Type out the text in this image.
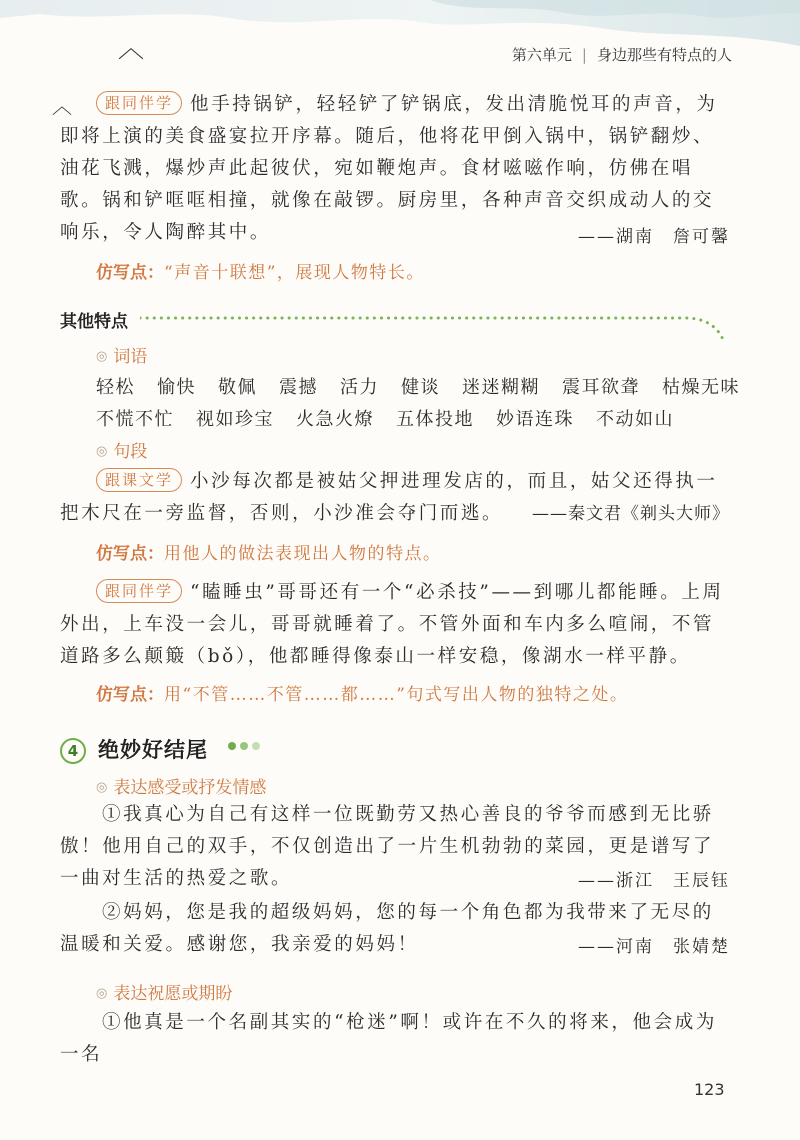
︿
︿
第六单元 | 身边那些有特点的人

跟同伴学 他手持锅铲，轻轻铲了铲锅底，发出清脆悦耳的声音，为即将上演的美食盛宴拉开序幕。随后，他将花甲倒入锅中，锅铲翻炒、油花飞溅，爆炒声此起彼伏，宛如鞭炮声。食材嗞嗞作响，仿佛在唱歌。锅和铲哐哐相撞，就像在敲锣。厨房里，各种声音交织成动人的交响乐，令人陶醉其中。	——湖南　詹可馨
仿写点：“声音十联想”，展现人物特长。
其他特点
◎ 词语
轻松 愉快 敬佩 震撼 活力 健谈 迷迷糊糊 震耳欲聋 枯燥无味
不慌不忙 视如珍宝 火急火燎 五体投地 妙语连珠 不动如山
◎ 句段

跟课文学 小沙每次都是被姑父押进理发店的，而且，姑父还得执一把木尺在一旁监督，否则，小沙准会夺门而逃。 ——秦文君《剃头大师》

仿写点：用他人的做法表现出人物的特点。

跟同伴学 “瞌睡虫”哥哥还有一个“必杀技”——到哪儿都能睡。上周外出，上车没一会儿，哥哥就睡着了。不管外面和车内多么喧闹，不管道路多么颠簸（bǒ），他都睡得像泰山一样安稳，像湖水一样平静。

仿写点：用“不管……不管……都……”句式写出人物的独特之处。
4 绝妙好结尾
◎ 表达感受或抒发情感

①我真心为自己有这样一位既勤劳又热心善良的爷爷而感到无比骄傲！他用自己的双手，不仅创造出了一片生机勃勃的菜园，更是谱写了一曲对生活的热爱之歌。	——浙江　王辰钰

②妈妈，您是我的超级妈妈，您的每一个角色都为我带来了无尽的温暖和关爱。感谢您，我亲爱的妈妈！	——河南　张婧楚
◎ 表达祝愿或期盼

①他真是一个名副其实的“枪迷”啊！或许在不久的将来，他会成为一名

123
